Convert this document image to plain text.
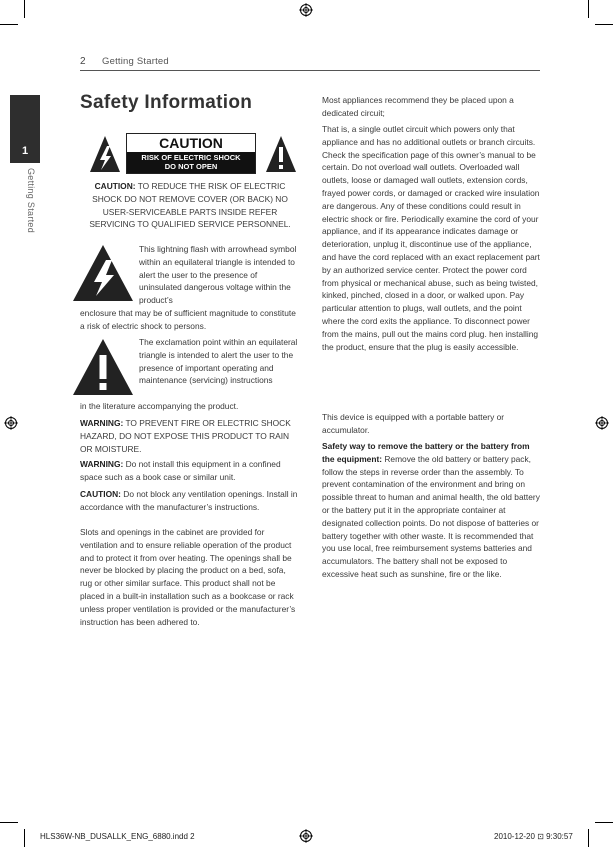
2 Getting Started
1
Getting Started
Safety Information
CAUTION
RISK OF ELECTRIC SHOCK
DO NOT OPEN

CAUTION: TO REDUCE THE RISK OF ELECTRIC SHOCK DO NOT REMOVE COVER (OR BACK) NO USER-SERVICEABLE PARTS INSIDE REFER SERVICING TO QUALIFIED SERVICE PERSONNEL.

This lightning flash with arrowhead symbol within an equilateral triangle is intended to alert the user to the presence of uninsulated dangerous voltage within the product’s

enclosure that may be of sufficient magnitude to constitute a risk of electric shock to persons.

The exclamation point within an equilateral triangle is intended to alert the user to the presence of important operating and maintenance (servicing) instructions

in the literature accompanying the product.

WARNING: TO PREVENT FIRE OR ELECTRIC SHOCK HAZARD, DO NOT EXPOSE THIS PRODUCT TO RAIN OR MOISTURE.

WARNING: Do not install this equipment in a confined space such as a book case or similar unit.

CAUTION: Do not block any ventilation openings. Install in accordance with the manufacturer’s instructions.

Slots and openings in the cabinet are provided for ventilation and to ensure reliable operation of the product and to protect it from over heating. The openings shall be never be blocked by placing the product on a bed, sofa, rug or other similar surface. This product shall not be placed in a built-in installation such as a bookcase or rack unless proper ventilation is provided or the manufacturer’s instruction has been adhered to.

Most appliances recommend they be placed upon a dedicated circuit;

That is, a single outlet circuit which powers only that appliance and has no additional outlets or branch circuits. Check the specification page of this owner’s manual to be certain. Do not overload wall outlets. Overloaded wall outlets, loose or damaged wall outlets, extension cords, frayed power cords, or damaged or cracked wire insulation are dangerous. Any of these conditions could result in electric shock or fire. Periodically examine the cord of your appliance, and if its appearance indicates damage or deterioration, unplug it, discontinue use of the appliance, and have the cord replaced with an exact replacement part by an authorized service center. Protect the power cord from physical or mechanical abuse, such as being twisted, kinked, pinched, closed in a door, or walked upon. Pay particular attention to plugs, wall outlets, and the point where the cord exits the appliance. To disconnect power from the mains, pull out the mains cord plug. hen installing the product, ensure that the plug is easily accessible.

This device is equipped with a portable battery or accumulator.

Safety way to remove the battery or the battery from the equipment: Remove the old battery or battery pack, follow the steps in reverse order than the assembly. To prevent contamination of the environment and bring on possible threat to human and animal health, the old battery or the battery put it in the appropriate container at designated collection points. Do not dispose of batteries or battery together with other waste. It is recommended that you use local, free reimbursement systems batteries and accumulators. The battery shall not be exposed to excessive heat such as sunshine, fire or the like.

HLS36W-NB_DUSALLK_ENG_6880.indd 2	2010-12-20 ⊡ 9:30:57
